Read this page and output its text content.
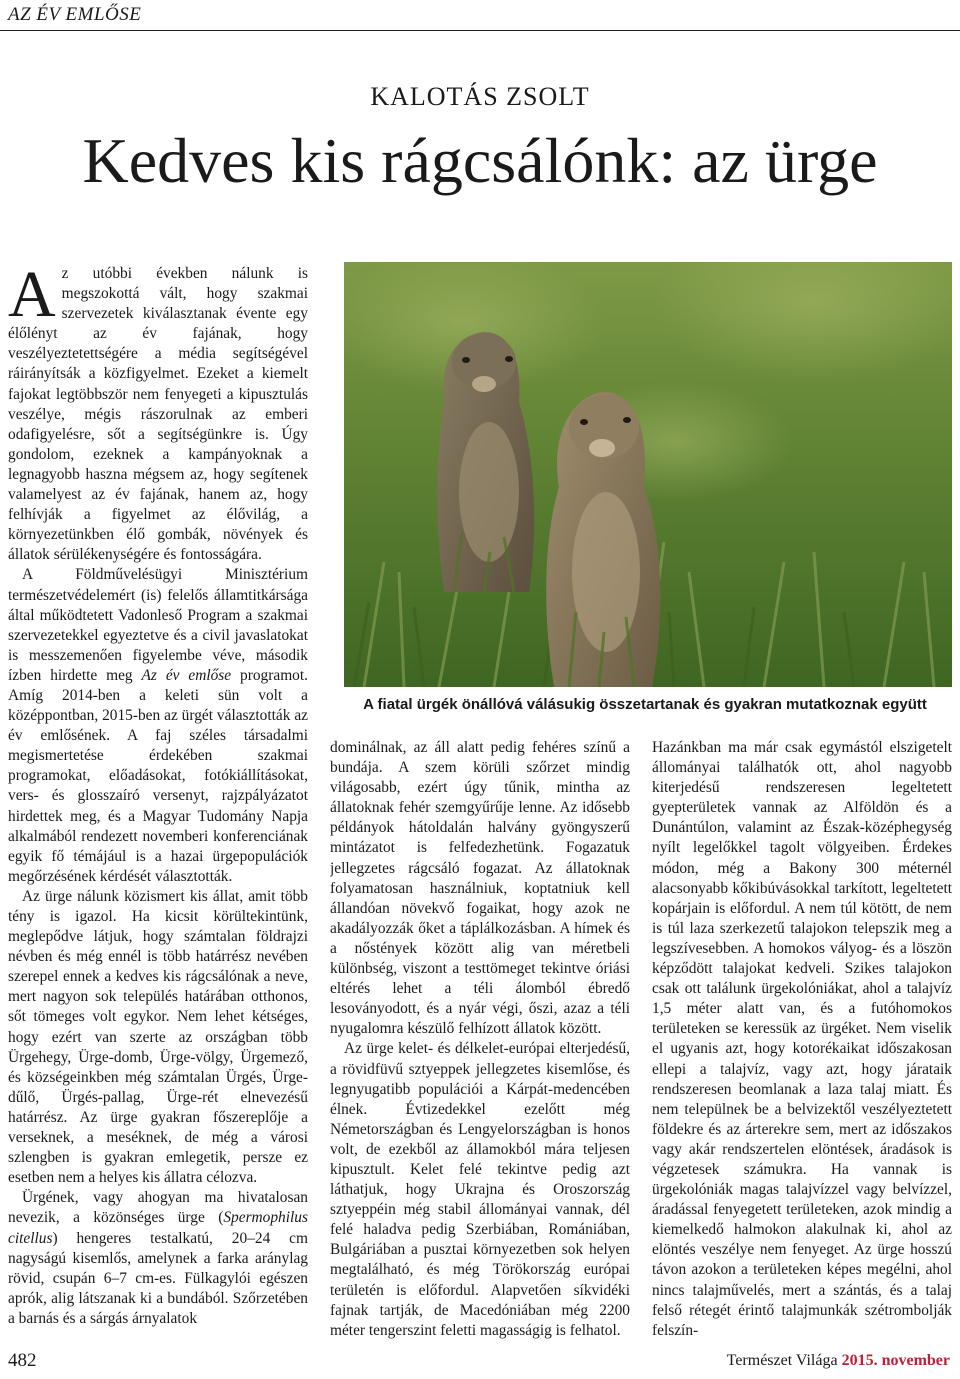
AZ ÉV EMLŐSE
KALOTÁS ZSOLT
Kedves kis rágcsálónk: az ürge

Az utóbbi években nálunk is megszokottá vált, hogy szakmai szervezetek kiválasztanak évente egy élőlényt az év fajának, hogy veszélyeztetettségére a média segítségével ráirányítsák a közfigyelmet. Ezeket a kiemelt fajokat legtöbbször nem fenyegeti a kipusztulás veszélye, mégis rászorulnak az emberi odafigyelésre, sőt a segítségünkre is. Úgy gondolom, ezeknek a kampányoknak a legnagyobb haszna mégsem az, hogy segítenek valamelyest az év fajának, hanem az, hogy felhívják a figyelmet az élővilág, a környezetünkben élő gombák, növények és állatok sérülékenységére és fontosságára.

A Földművelésügyi Minisztérium természetvédelemért (is) felelős államtitkársága által működtetett Vadonleső Program a szakmai szervezetekkel egyeztetve és a civil javaslatokat is messzemenően figyelembe véve, második ízben hirdette meg Az év emlőse programot. Amíg 2014-ben a keleti sün volt a középpontban, 2015-ben az ürgét választották az év emlősének. A faj széles társadalmi megismertetése érdekében szakmai programokat, előadásokat, fotókiállításokat, vers- és glosszaíró versenyt, rajzpályázatot hirdettek meg, és a Magyar Tudomány Napja alkalmából rendezett novemberi konferenciának egyik fő témájául is a hazai ürgepopulációk megőrzésének kérdését választották.

Az ürge nálunk közismert kis állat, amit több tény is igazol. Ha kicsit körültekintünk, meglepődve látjuk, hogy számtalan földrajzi névben és még ennél is több határrész nevében szerepel ennek a kedves kis rágcsálónak a neve, mert nagyon sok település határában otthonos, sőt tömeges volt egykor. Nem lehet kétséges, hogy ezért van szerte az országban több Ürgehegy, Ürge-domb, Ürge-völgy, Ürgemező, és községeinkben még számtalan Ürgés, Ürge-dűlő, Ürgés-pallag, Ürge-rét elnevezésű határrész. Az ürge gyakran főszereplője a verseknek, a meséknek, de még a városi szlengben is gyakran emlegetik, persze ez esetben nem a helyes kis állatra célozva.

Ürgének, vagy ahogyan ma hivatalosan nevezik, a közönséges ürge (Spermophilus citellus) hengeres testalkatú, 20–24 cm nagyságú kisemlős, amelynek a farka aránylag rövid, csupán 6–7 cm-es. Fülkagylói egészen aprók, alig látszanak ki a bundából. Szőrzetében a barnás és a sárgás árnyalatok

A fiatal ürgék önállóvá válásukig összetartanak és gyakran mutatkoznak együtt

dominálnak, az áll alatt pedig fehéres színű a bundája. A szem körüli szőrzet mindig világosabb, ezért úgy tűnik, mintha az állatoknak fehér szemgyűrűje lenne. Az idősebb példányok hátoldalán halvány gyöngyszerű mintázatot is felfedezhetünk. Fogazatuk jellegzetes rágcsáló fogazat. Az állatoknak folyamatosan használniuk, koptatniuk kell állandóan növekvő fogaikat, hogy azok ne akadályozzák őket a táplálkozásban. A hímek és a nőstények között alig van méretbeli különbség, viszont a testtömeget tekintve óriási eltérés lehet a téli álomból ébredő lesoványodott, és a nyár végi, őszi, azaz a téli nyugalomra készülő felhízott állatok között.

Az ürge kelet- és délkelet-európai elterjedésű, a rövidfüvű sztyeppek jellegzetes kisemlőse, és legnyugatibb populációi a Kárpát-medencében élnek. Évtizedekkel ezelőtt még Németországban és Lengyelországban is honos volt, de ezekből az államokból mára teljesen kipusztult. Kelet felé tekintve pedig azt láthatjuk, hogy Ukrajna és Oroszország sztyeppéin még stabil állományai vannak, dél felé haladva pedig Szerbiában, Romániában, Bulgáriában a pusztai környezetben sok helyen megtalálható, és még Törökország európai területén is előfordul. Alapvetően síkvidéki fajnak tartják, de Macedóniában még 2200 méter tengerszint feletti magasságig is felhatol.

Hazánkban ma már csak egymástól elszigetelt állományai találhatók ott, ahol nagyobb kiterjedésű rendszeresen legeltetett gyepterületek vannak az Alföldön és a Dunántúlon, valamint az Észak-középhegység nyílt legelőkkel tagolt völgyeiben. Érdekes módon, még a Bakony 300 méternél alacsonyabb kőkibúvásokkal tarkított, legeltetett kopárjain is előfordul. A nem túl kötött, de nem is túl laza szerkezetű talajokon telepszik meg a legszívesebben. A homokos vályog- és a löszön képződött talajokat kedveli. Szikes talajokon csak ott találunk ürgekolóniákat, ahol a talajvíz 1,5 méter alatt van, és a futóhomokos területeken se keressük az ürgéket. Nem viselik el ugyanis azt, hogy kotorékaikat időszakosan ellepi a talajvíz, vagy azt, hogy járataik rendszeresen beomlanak a laza talaj miatt. És nem települnek be a belvizektől veszélyeztetett földekre és az árterekre sem, mert az időszakos vagy akár rendszertelen elöntések, áradások is végzetesek számukra. Ha vannak is ürgekolóniák magas talajvízzel vagy belvízzel, áradással fenyegetett területeken, azok mindig a kiemelkedő halmokon alakulnak ki, ahol az elöntés veszélye nem fenyeget. Az ürge hosszú távon azokon a területeken képes megélni, ahol nincs talajművelés, mert a szántás, és a talaj felső rétegét érintő talajmunkák szétrombolják felszín-

482	Természet Világa 2015. november
